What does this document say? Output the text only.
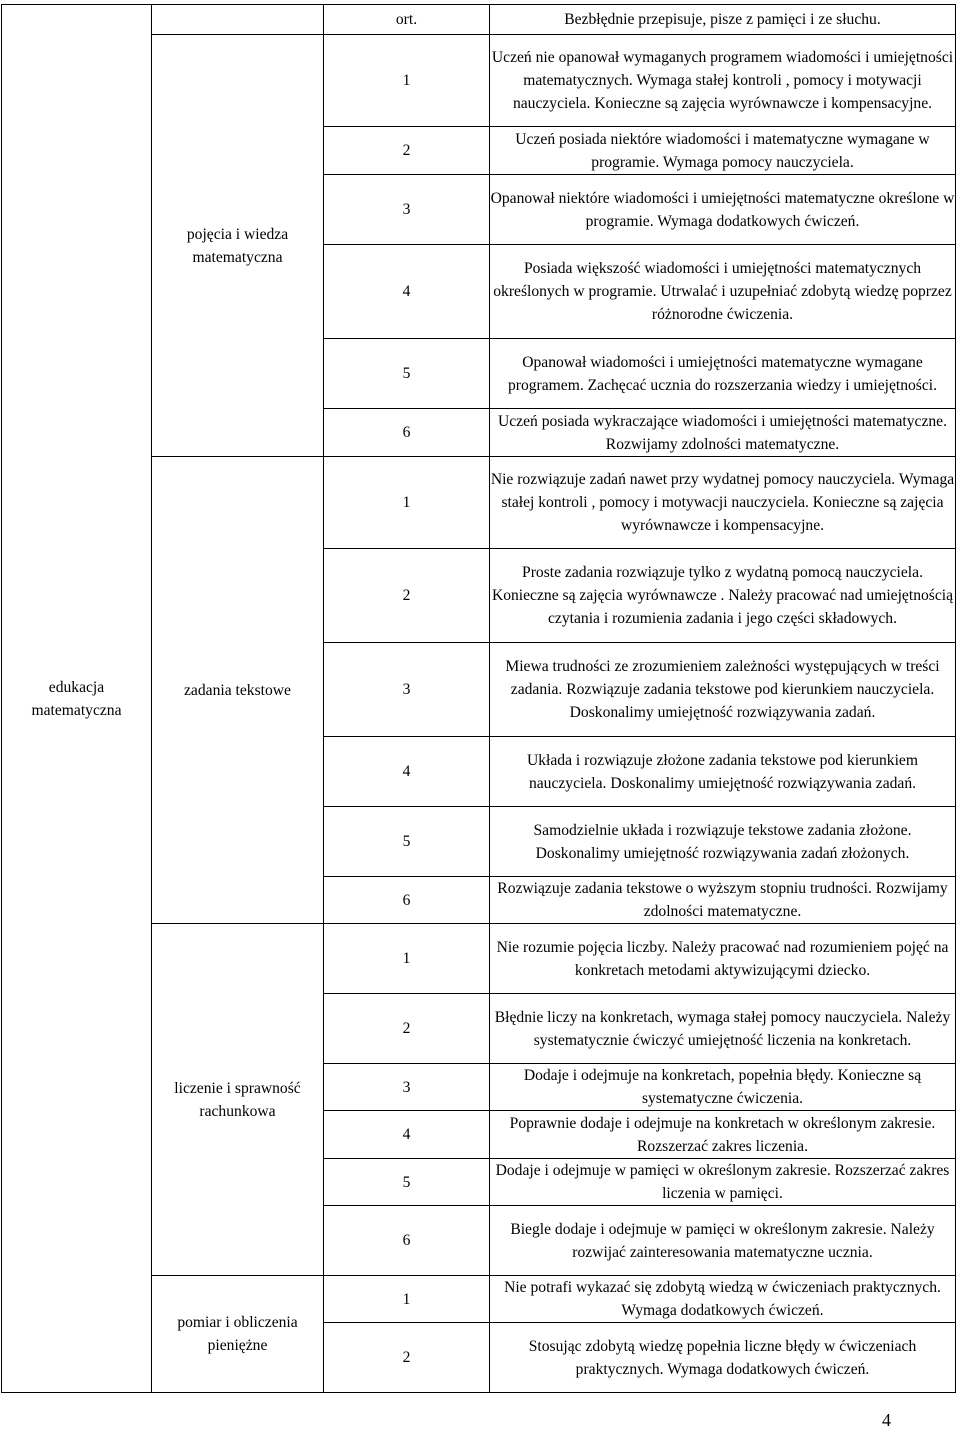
edukacja matematyczna		ort.	Bezbłędnie przepisuje, pisze z pamięci i ze słuchu.
	pojęcia i wiedza matematyczna	1	Uczeń nie opanował wymaganych programem wiadomości i umiejętności matematycznych. Wymaga stałej kontroli , pomocy i motywacji nauczyciela. Konieczne są zajęcia wyrównawcze i kompensacyjne.
		2	Uczeń posiada niektóre wiadomości i matematyczne wymagane w programie. Wymaga pomocy nauczyciela.
		3	Opanował niektóre wiadomości i umiejętności matematyczne określone w programie. Wymaga dodatkowych ćwiczeń.
		4	Posiada większość wiadomości i umiejętności matematycznych określonych w programie. Utrwalać i uzupełniać zdobytą wiedzę poprzez różnorodne ćwiczenia.
		5	Opanował wiadomości i umiejętności matematyczne wymagane programem. Zachęcać ucznia do rozszerzania wiedzy i umiejętności.
		6	Uczeń posiada wykraczające wiadomości i umiejętności matematyczne. Rozwijamy zdolności matematyczne.
	zadania tekstowe	1	Nie rozwiązuje zadań nawet przy wydatnej pomocy nauczyciela. Wymaga stałej kontroli , pomocy i motywacji nauczyciela. Konieczne są zajęcia wyrównawcze i kompensacyjne.
		2	Proste zadania rozwiązuje tylko z wydatną pomocą nauczyciela. Konieczne są zajęcia wyrównawcze . Należy pracować nad umiejętnością czytania i rozumienia zadania i jego części składowych.
		3	Miewa trudności ze zrozumieniem zależności występujących w treści zadania. Rozwiązuje zadania tekstowe pod kierunkiem nauczyciela. Doskonalimy umiejętność rozwiązywania zadań.
		4	Układa i rozwiązuje złożone zadania tekstowe pod kierunkiem nauczyciela. Doskonalimy umiejętność rozwiązywania zadań.
		5	Samodzielnie układa i rozwiązuje tekstowe zadania złożone. Doskonalimy umiejętność rozwiązywania zadań złożonych.
		6	Rozwiązuje zadania tekstowe o wyższym stopniu trudności. Rozwijamy zdolności matematyczne.
	liczenie i sprawność rachunkowa	1	Nie rozumie pojęcia liczby. Należy pracować nad rozumieniem pojęć na konkretach metodami aktywizującymi dziecko.
		2	Błędnie liczy na konkretach, wymaga stałej pomocy nauczyciela. Należy systematycznie ćwiczyć umiejętność liczenia na konkretach.
		3	Dodaje i odejmuje na konkretach, popełnia błędy. Konieczne są systematyczne ćwiczenia.
		4	Poprawnie dodaje i odejmuje na konkretach w określonym zakresie. Rozszerzać zakres liczenia.
		5	Dodaje i odejmuje w pamięci w określonym zakresie. Rozszerzać zakres liczenia w pamięci.
		6	Biegle dodaje i odejmuje w pamięci w określonym zakresie. Należy rozwijać zainteresowania matematyczne ucznia.
	pomiar i obliczenia pieniężne	1	Nie potrafi wykazać się zdobytą wiedzą w ćwiczeniach praktycznych. Wymaga dodatkowych ćwiczeń.
		2	Stosując zdobytą wiedzę popełnia liczne błędy w ćwiczeniach praktycznych. Wymaga dodatkowych ćwiczeń.
4
